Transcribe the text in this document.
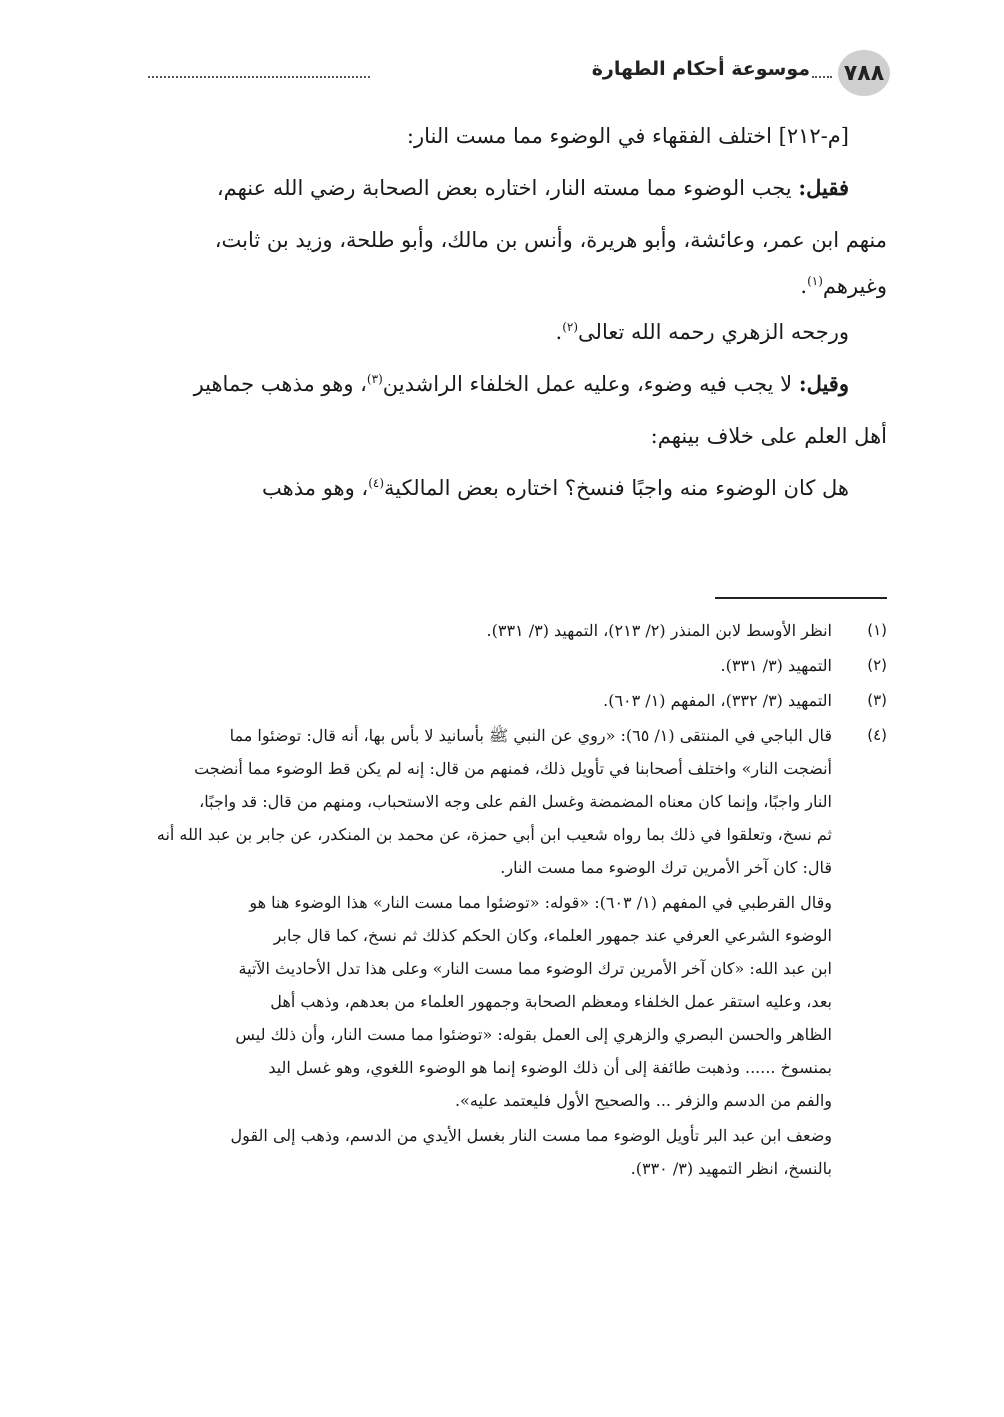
٧٨٨
موسوعة أحكام الطهارة

[م-٢١٢] اختلف الفقهاء في الوضوء مما مست النار:

فقيل: يجب الوضوء مما مسته النار، اختاره بعض الصحابة رضي الله عنهم،

منهم ابن عمر، وعائشة، وأبو هريرة، وأنس بن مالك، وأبو طلحة، وزيد بن ثابت،

وغيرهم$^{(١)}$.

ورجحه الزهري رحمه الله تعالى$^{(٢)}$.

وقيل: لا يجب فيه وضوء، وعليه عمل الخلفاء الراشدين$^{(٣)}$، وهو مذهب جماهير

أهل العلم على خلاف بينهم:

هل كان الوضوء منه واجبًا فنسخ؟ اختاره بعض المالكية$^{(٤)}$، وهو مذهب

(١)
انظر الأوسط لابن المنذر (٢/ ٢١٣)، التمهيد (٣/ ٣٣١).
(٢)
التمهيد (٣/ ٣٣١).
(٣)
التمهيد (٣/ ٣٣٢)، المفهم (١/ ٦٠٣).
(٤)
قال الباجي في المنتقى (١/ ٦٥): «روي عن النبي ﷺ بأسانيد لا بأس بها، أنه قال: توضئوا مما
أنضجت النار» واختلف أصحابنا في تأويل ذلك، فمنهم من قال: إنه لم يكن قط الوضوء مما أنضجت
النار واجبًا، وإنما كان معناه المضمضة وغسل الفم على وجه الاستحباب، ومنهم من قال: قد واجبًا،
ثم نسخ، وتعلقوا في ذلك بما رواه شعيب ابن أبي حمزة، عن محمد بن المنكدر، عن جابر بن عبد الله أنه
قال: كان آخر الأمرين ترك الوضوء مما مست النار.
وقال القرطبي في المفهم (١/ ٦٠٣): «قوله: «توضئوا مما مست النار» هذا الوضوء هنا هو
الوضوء الشرعي العرفي عند جمهور العلماء، وكان الحكم كذلك ثم نسخ، كما قال جابر
ابن عبد الله: «كان آخر الأمرين ترك الوضوء مما مست النار» وعلى هذا تدل الأحاديث الآتية
بعد، وعليه استقر عمل الخلفاء ومعظم الصحابة وجمهور العلماء من بعدهم، وذهب أهل
الظاهر والحسن البصري والزهري إلى العمل بقوله: «توضئوا مما مست النار، وأن ذلك ليس
بمنسوخ ...... وذهبت طائفة إلى أن ذلك الوضوء إنما هو الوضوء اللغوي، وهو غسل اليد
والفم من الدسم والزفر ... والصحيح الأول فليعتمد عليه».
وضعف ابن عبد البر تأويل الوضوء مما مست النار بغسل الأيدي من الدسم، وذهب إلى القول
بالنسخ، انظر التمهيد (٣/ ٣٣٠).
